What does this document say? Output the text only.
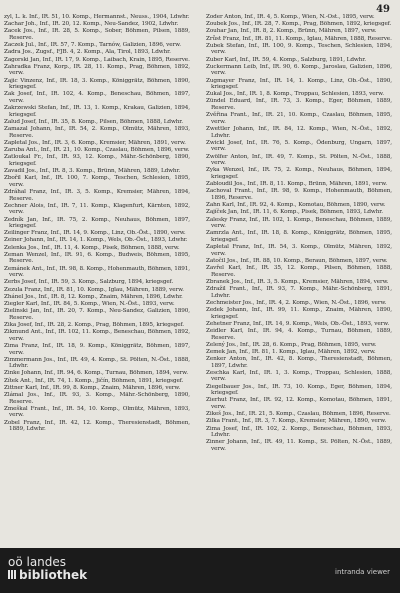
49
zyl, L. k. Inf., IR. 51, 10. Komp., Hermannst., Neuss., 1904, Ldwhr.
Zachar Joh., Inf., IR. 20, 12. Komp., Neu-Sandez, 1902, Ldwhr.
Zacek Jos., Inf., IR. 28, 5. Komp., Sober, Böhmen, Pilsen, 1889, Reserve.
Zaczek Jul., Inf., IR. 57, 7. Komp., Tarnów, Galizien, 1896, verw.
Zadra Jos., Zugsf., FJB. 4, 2. Komp., Ala, Tirol, 1893, Ldwhr.
Zagorski Jan, Inf., IR. 17, 9. Komp., Laibach, Krain, 1895, Reserve.
Zahradka Franz, Korp., IR. 28, 11. Komp., Prag, Böhmen, 1892, verw.
Zajic Vinzenz, Inf., IR. 18, 3. Komp., Königgrätz, Böhmen, 1890, kriegsgef.
Zak Josef, Inf., IR. 102, 4. Komp., Beneschau, Böhmen, 1897, verw.
Zakrzewski Stefan, Inf., IR. 13, 1. Komp., Krakau, Galizien, 1894, kriegsgef.
Zalud Josef, Inf., IR. 35, 8. Komp., Pilsen, Böhmen, 1888, Ldwhr.
Zamazal Johann, Inf., IR. 54, 2. Komp., Olmütz, Mähren, 1893, Reserve.
Zapletal Jos., Inf., IR. 3, 6. Komp., Kremsier, Mähren, 1891, verw.
Zaruba Ant., Inf., IR. 21, 10. Komp., Czaslau, Böhmen, 1896, verw.
Zatloukal Fr., Inf., IR. 93, 12. Komp., Mähr.-Schönberg, 1890, kriegsgef.
Zavadil Jos., Inf., IR. 8, 3. Komp., Brünn, Mähren, 1889, Ldwhr.
Zbořil Karl, Inf., IR. 100, 7. Komp., Teschen, Schlesien, 1895, verw.
Zdráhal Franz, Inf., IR. 3, 5. Komp., Kremsier, Mähren, 1894, Reserve.
Zechner Alois, Inf., IR. 7, 11. Komp., Klagenfurt, Kärnten, 1892, verw.
Zedník Jan, Inf., IR. 75, 2. Komp., Neuhaus, Böhmen, 1897, kriegsgef.
Zeilinger Franz, Inf., IR. 14, 9. Komp., Linz, Ob.-Öst., 1890, verw.
Zeiner Johann, Inf., IR. 14, 1. Komp., Wels, Ob.-Öst., 1893, Ldwhr.
Zelenka Jos., Inf., IR. 11, 4. Komp., Pisek, Böhmen, 1888, verw.
Zeman Wenzel, Inf., IR. 91, 6. Komp., Budweis, Böhmen, 1895, Reserve.
Zemánek Ant., Inf., IR. 98, 8. Komp., Hohenmauth, Böhmen, 1891, verw.
Zerbs Josef, Inf., IR. 59, 3. Komp., Salzburg, 1894, kriegsgef.
Zezula Franz, Inf., IR. 81, 10. Komp., Iglau, Mähren, 1889, verw.
Zhánel Jos., Inf., IR. 8, 12. Komp., Znaim, Mähren, 1896, Ldwhr.
Ziegler Karl, Inf., IR. 84, 5. Komp., Wien, N.-Öst., 1893, verw.
Zielinski Jan, Inf., IR. 20, 7. Komp., Neu-Sandez, Galizien, 1890, Reserve.
Zika Josef, Inf., IR. 28, 2. Komp., Prag, Böhmen, 1895, kriegsgef.
Zikmund Ant., Inf., IR. 102, 11. Komp., Beneschau, Böhmen, 1892, verw.
Zima Franz, Inf., IR. 18, 9. Komp., Königgrätz, Böhmen, 1897, verw.
Zimmermann Jos., Inf., IR. 49, 4. Komp., St. Pölten, N.-Öst., 1888, Ldwhr.
Zinke Johann, Inf., IR. 94, 6. Komp., Turnau, Böhmen, 1894, verw.
Zítek Ant., Inf., IR. 74, 1. Komp., Jičín, Böhmen, 1891, kriegsgef.
Zittner Karl, Inf., IR. 99, 8. Komp., Znaim, Mähren, 1896, verw.
Zlámal Jos., Inf., IR. 93, 3. Komp., Mähr.-Schönberg, 1890, Reserve.
Zmeškal Frant., Inf., IR. 54, 10. Komp., Olmütz, Mähren, 1893, verw.
Zobel Franz, Inf., IR. 42, 12. Komp., Theresienstadt, Böhmen, 1889, Ldwhr.
Zoder Anton, Inf., IR. 4, 5. Komp., Wien, N.-Öst., 1895, verw.
Zoubek Jos., Inf., IR. 28, 7. Komp., Prag, Böhmen, 1892, kriegsgef.
Zouhar Jan, Inf., IR. 8, 2. Komp., Brünn, Mähren, 1897, verw.
Zrůst Franz, Inf., IR. 81, 11. Komp., Iglau, Mähren, 1888, Reserve.
Zubek Stefan, Inf., IR. 100, 9. Komp., Teschen, Schlesien, 1894, verw.
Zuber Karl, Inf., IR. 59, 4. Komp., Salzburg, 1891, Ldwhr.
Zuckermann Leib, Inf., IR. 90, 6. Komp., Jaroslau, Galizien, 1896, verw.
Zugmayer Franz, Inf., IR. 14, 1. Komp., Linz, Ob.-Öst., 1890, kriegsgef.
Zukal Jos., Inf., IR. 1, 8. Komp., Troppau, Schlesien, 1893, verw.
Zündel Eduard, Inf., IR. 73, 3. Komp., Eger, Böhmen, 1889, Reserve.
Zvěřina Frant., Inf., IR. 21, 10. Komp., Czaslau, Böhmen, 1895, verw.
Zwettler Johann, Inf., IR. 84, 12. Komp., Wien, N.-Öst., 1892, Ldwhr.
Zwickl Josef, Inf., IR. 76, 5. Komp., Ödenburg, Ungarn, 1897, verw.
Zwölfer Anton, Inf., IR. 49, 7. Komp., St. Pölten, N.-Öst., 1888, verw.
Zyka Wenzel, Inf., IR. 75, 2. Komp., Neuhaus, Böhmen, 1894, kriegsgef.
Zabloudil Jos., Inf., IR. 8, 11. Komp., Brünn, Mähren, 1891, verw.
Zachoval Frant., Inf., IR. 98, 9. Komp., Hohenmauth, Böhmen, 1896, Reserve.
Zahn Karl, Inf., IR. 92, 4. Komp., Komotau, Böhmen, 1890, verw.
Zajíček Jan, Inf., IR. 11, 6. Komp., Pisek, Böhmen, 1893, Ldwhr.
Zalesky Franz, Inf., IR. 102, 1. Komp., Beneschau, Böhmen, 1889, verw.
Zamrzla Ant., Inf., IR. 18, 8. Komp., Königgrätz, Böhmen, 1895, kriegsgef.
Zapletal Franz, Inf., IR. 54, 3. Komp., Olmütz, Mähren, 1892, verw.
Zatočil Jos., Inf., IR. 88, 10. Komp., Beraun, Böhmen, 1897, verw.
Zavřel Karl, Inf., IR. 35, 12. Komp., Pilsen, Böhmen, 1888, Reserve.
Zbranek Jos., Inf., IR. 3, 5. Komp., Kremsier, Mähren, 1894, verw.
Zdražil Frant., Inf., IR. 93, 7. Komp., Mähr.-Schönberg, 1891, Ldwhr.
Zechmeister Jos., Inf., IR. 4, 2. Komp., Wien, N.-Öst., 1896, verw.
Zedek Johann, Inf., IR. 99, 11. Komp., Znaim, Mähren, 1890, kriegsgef.
Zehetner Franz, Inf., IR. 14, 9. Komp., Wels, Ob.-Öst., 1893, verw.
Zeidler Karl, Inf., IR. 94, 4. Komp., Turnau, Böhmen, 1889, Reserve.
Zelený Jos., Inf., IR. 28, 6. Komp., Prag, Böhmen, 1895, verw.
Zemek Jan, Inf., IR. 81, 1. Komp., Iglau, Mähren, 1892, verw.
Zenker Anton, Inf., IR. 42, 8. Komp., Theresienstadt, Böhmen, 1897, Ldwhr.
Zeschka Karl, Inf., IR. 1, 3. Komp., Troppau, Schlesien, 1888, verw.
Ziegelbauer Jos., Inf., IR. 73, 10. Komp., Eger, Böhmen, 1894, kriegsgef.
Zierhut Franz, Inf., IR. 92, 12. Komp., Komotau, Böhmen, 1891, verw.
Zikeš Jos., Inf., IR. 21, 5. Komp., Czaslau, Böhmen, 1896, Reserve.
Zilka Frant., Inf., IR. 3, 7. Komp., Kremsier, Mähren, 1890, verw.
Zima Josef, Inf., IR. 102, 2. Komp., Beneschau, Böhmen, 1893, Ldwhr.
Zinner Johann, Inf., IR. 49, 11. Komp., St. Pölten, N.-Öst., 1889, verw.
oö landes
bibliothek	intranda viewer
